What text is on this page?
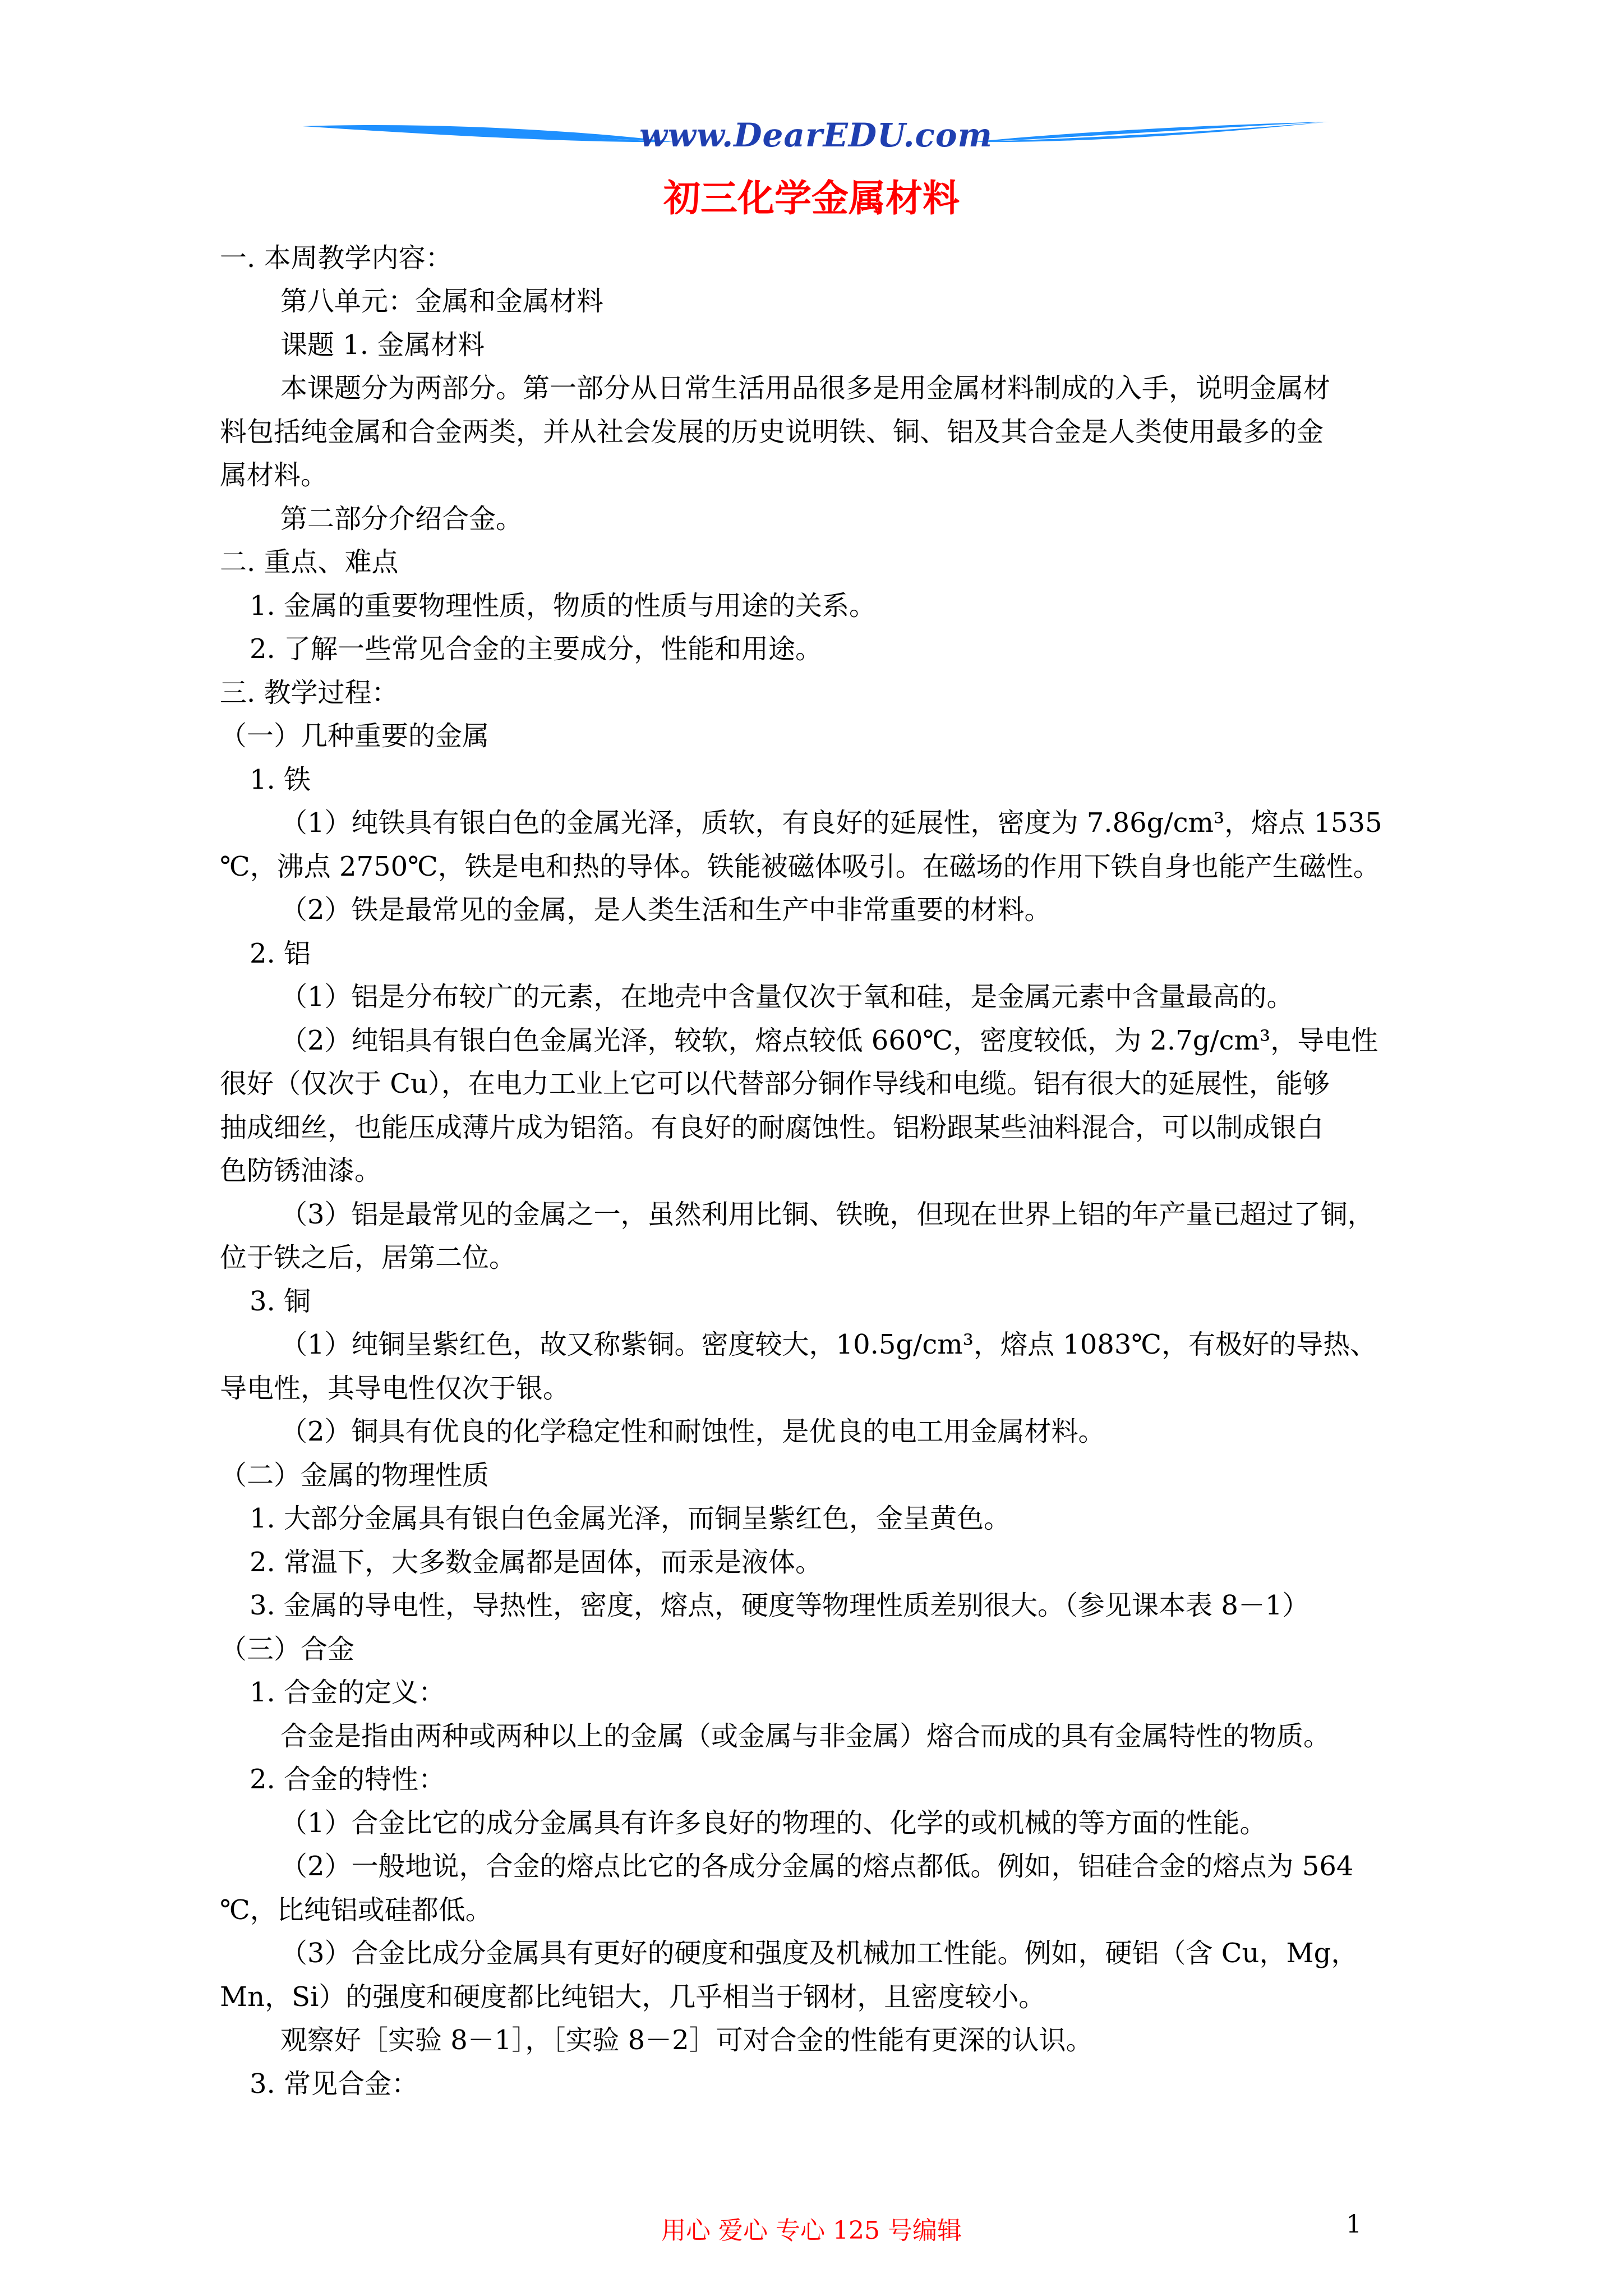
www.DearEDU.com
初三化学金属材料
一. 本周教学内容：
第八单元：金属和金属材料
课题 1. 金属材料
本课题分为两部分。第一部分从日常生活用品很多是用金属材料制成的入手，说明金属材
料包括纯金属和合金两类，并从社会发展的历史说明铁、铜、铝及其合金是人类使用最多的金
属材料。
第二部分介绍合金。
二. 重点、难点
1. 金属的重要物理性质，物质的性质与用途的关系。
2. 了解一些常见合金的主要成分，性能和用途。
三. 教学过程：
（一）几种重要的金属
1. 铁
（1）纯铁具有银白色的金属光泽，质软，有良好的延展性，密度为 7.86g/cm³，熔点 1535
℃，沸点 2750℃，铁是电和热的导体。铁能被磁体吸引。在磁场的作用下铁自身也能产生磁性。
（2）铁是最常见的金属，是人类生活和生产中非常重要的材料。
2. 铝
（1）铝是分布较广的元素，在地壳中含量仅次于氧和硅，是金属元素中含量最高的。
（2）纯铝具有银白色金属光泽，较软，熔点较低 660℃，密度较低，为 2.7g/cm³，导电性
很好（仅次于 Cu），在电力工业上它可以代替部分铜作导线和电缆。铝有很大的延展性，能够
抽成细丝，也能压成薄片成为铝箔。有良好的耐腐蚀性。铝粉跟某些油料混合，可以制成银白
色防锈油漆。
（3）铝是最常见的金属之一，虽然利用比铜、铁晚，但现在世界上铝的年产量已超过了铜，
位于铁之后，居第二位。
3. 铜
（1）纯铜呈紫红色，故又称紫铜。密度较大，10.5g/cm³，熔点 1083℃，有极好的导热、
导电性，其导电性仅次于银。
（2）铜具有优良的化学稳定性和耐蚀性，是优良的电工用金属材料。
（二）金属的物理性质
1. 大部分金属具有银白色金属光泽，而铜呈紫红色，金呈黄色。
2. 常温下，大多数金属都是固体，而汞是液体。
3. 金属的导电性，导热性，密度，熔点，硬度等物理性质差别很大。（参见课本表 8－1）
（三）合金
1. 合金的定义：
合金是指由两种或两种以上的金属（或金属与非金属）熔合而成的具有金属特性的物质。
2. 合金的特性：
（1）合金比它的成分金属具有许多良好的物理的、化学的或机械的等方面的性能。
（2）一般地说，合金的熔点比它的各成分金属的熔点都低。例如，铝硅合金的熔点为 564
℃，比纯铝或硅都低。
（3）合金比成分金属具有更好的硬度和强度及机械加工性能。例如，硬铝（含 Cu，Mg，
Mn，Si）的强度和硬度都比纯铝大，几乎相当于钢材，且密度较小。
观察好［实验 8－1］，［实验 8－2］可对合金的性能有更深的认识。
3. 常见合金：
用心 爱心 专心 125 号编辑	1
